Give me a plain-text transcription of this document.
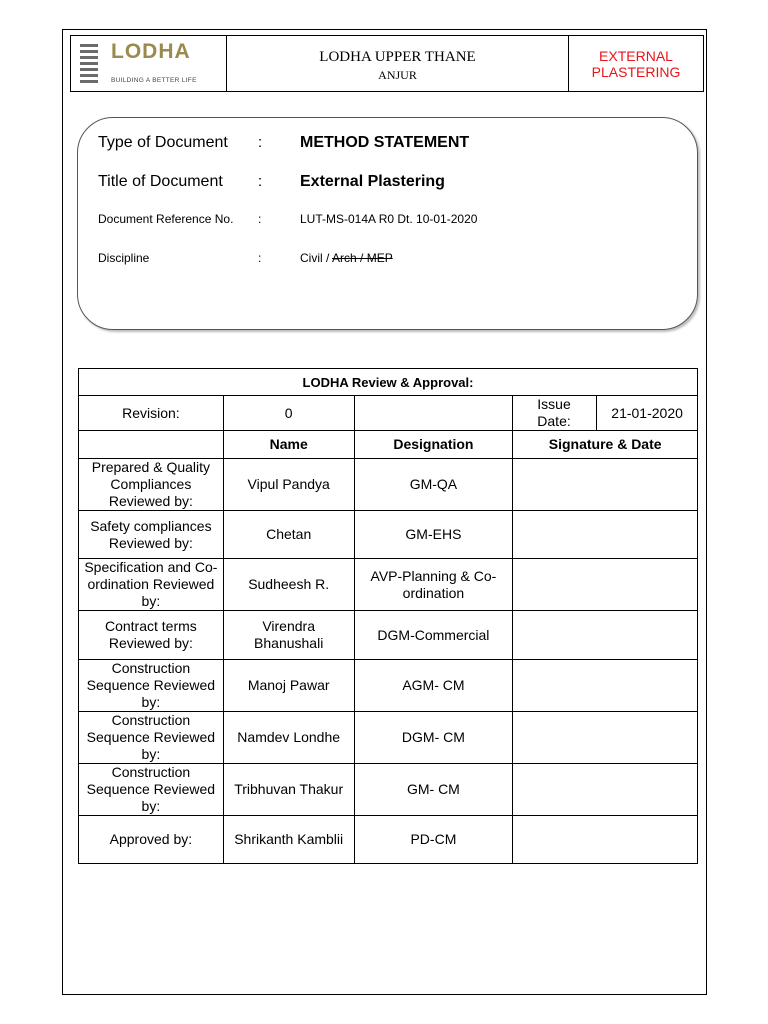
LODHA
BUILDING A BETTER LIFE
LODHA UPPER THANE
ANJUR
EXTERNAL
PLASTERING
Type of Document	: METHOD STATEMENT
Title of Document	: External Plastering
Document Reference No.	:	LUT-MS-014A R0 Dt. 10-01-2020
Discipline	:	Civil / Arch / MEP
LODHA Review & Approval:				
Revision:	0		Issue Date:	21-01-2020
	Name	Designation	Signature & Date	
Prepared & Quality Compliances Reviewed by:	Vipul Pandya	GM-QA		
Safety compliances Reviewed by:	Chetan	GM-EHS		
Specification and Co-ordination Reviewed by:	Sudheesh R.	AVP-Planning & Co-ordination		
Contract terms Reviewed by:	Virendra Bhanushali	DGM-Commercial		
Construction Sequence Reviewed by:	Manoj Pawar	AGM- CM		
Construction Sequence Reviewed by:	Namdev Londhe	DGM- CM		
Construction Sequence Reviewed by:	Tribhuvan Thakur	GM- CM		
Approved by:	Shrikanth Kamblii	PD-CM		
